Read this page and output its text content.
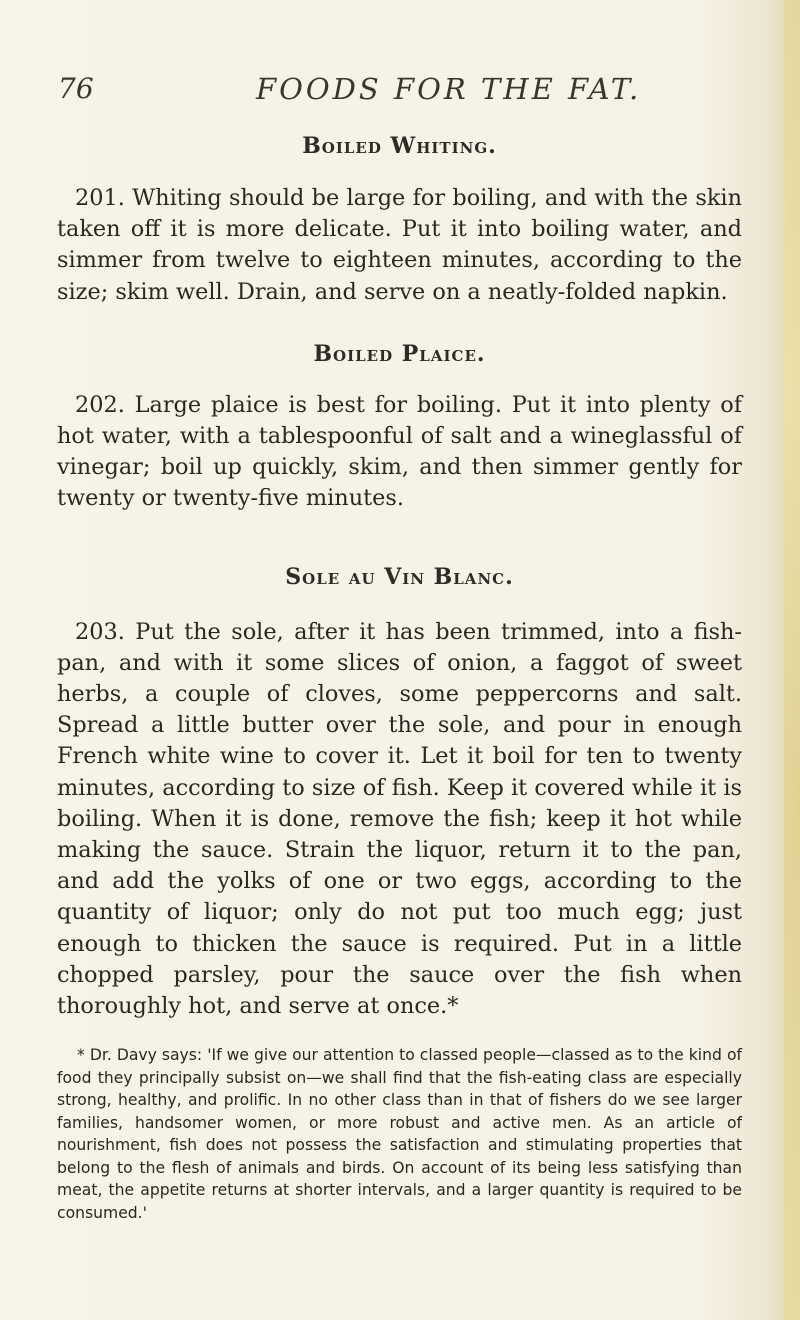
76	FOODS FOR THE FAT.
Boiled Whiting.

201. Whiting should be large for boiling, and with the skin taken off it is more delicate. Put it into boiling water, and simmer from twelve to eighteen minutes, according to the size; skim well. Drain, and serve on a neatly-folded napkin.

Boiled Plaice.

202. Large plaice is best for boiling. Put it into plenty of hot water, with a tablespoonful of salt and a wineglassful of vinegar; boil up quickly, skim, and then simmer gently for twenty or twenty-five minutes.

Sole au Vin Blanc.

203. Put the sole, after it has been trimmed, into a fish-pan, and with it some slices of onion, a faggot of sweet herbs, a couple of cloves, some peppercorns and salt. Spread a little butter over the sole, and pour in enough French white wine to cover it. Let it boil for ten to twenty minutes, according to size of fish. Keep it covered while it is boiling. When it is done, remove the fish; keep it hot while making the sauce. Strain the liquor, return it to the pan, and add the yolks of one or two eggs, according to the quantity of liquor; only do not put too much egg; just enough to thicken the sauce is required. Put in a little chopped parsley, pour the sauce over the fish when thoroughly hot, and serve at once.*

* Dr. Davy says: 'If we give our attention to classed people—classed as to the kind of food they principally subsist on—we shall find that the fish-eating class are especially strong, healthy, and prolific. In no other class than in that of fishers do we see larger families, handsomer women, or more robust and active men. As an article of nourishment, fish does not possess the satisfaction and stimulating properties that belong to the flesh of animals and birds. On account of its being less satisfying than meat, the appetite returns at shorter intervals, and a larger quantity is required to be consumed.'
